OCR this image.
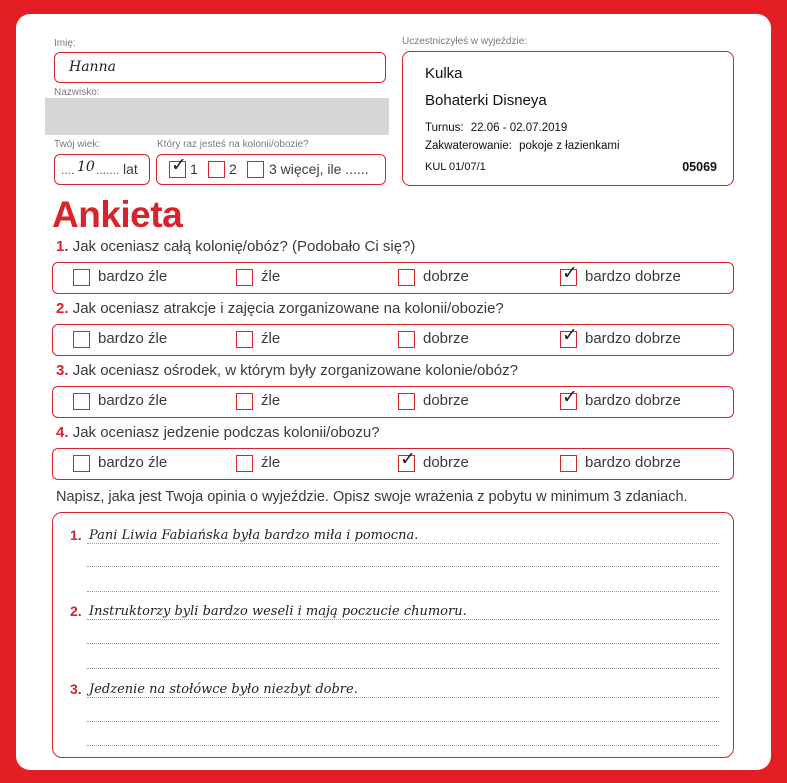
Imię:
Hanna
Nazwisko:
Twój wiek:
.... 10 ....... lat
Który raz jesteś na kolonii/obozie?
✓ 1 2 3 więcej, ile ......
Uczestniczyłeś w wyjeździe:
Kulka
Bohaterki Disneya
Turnus: 22.06 - 02.07.2019
Zakwaterowanie: pokoje z łazienkami
KUL 01/07/1	05069
Ankieta
1. Jak oceniasz całą kolonię/obóz? (Podobało Ci się?)
bardzo źle	źle	dobrze	✓ bardzo dobrze
2. Jak oceniasz atrakcje i zajęcia zorganizowane na kolonii/obozie?
bardzo źle	źle	dobrze	✓ bardzo dobrze
3. Jak oceniasz ośrodek, w którym były zorganizowane kolonie/obóz?
bardzo źle	źle	dobrze	✓ bardzo dobrze
4. Jak oceniasz jedzenie podczas kolonii/obozu?
bardzo źle	źle	✓ dobrze	bardzo dobrze
Napisz, jaka jest Twoja opinia o wyjeździe. Opisz swoje wrażenia z pobytu w minimum 3 zdaniach.
1. Pani Liwia Fabiańska była bardzo miła i pomocna.
2. Instruktorzy byli bardzo weseli i mają poczucie chumoru.
3. Jedzenie na stołówce było niezbyt dobre.
